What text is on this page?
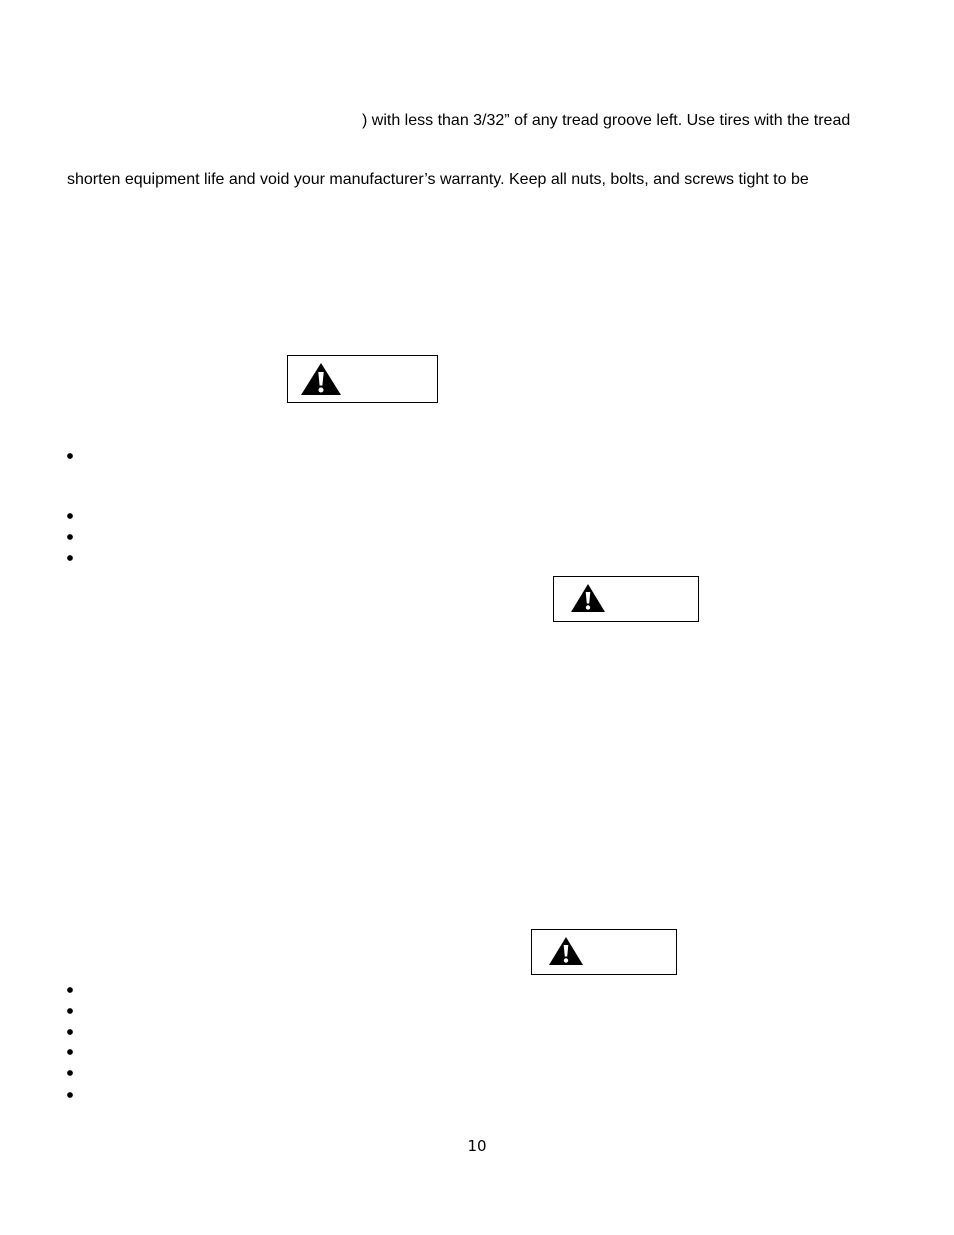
) with less than 3/32” of any tread groove left. Use tires with the tread
shorten equipment life and void your manufacturer’s warranty. Keep all nuts, bolts, and screws tight to be
10
